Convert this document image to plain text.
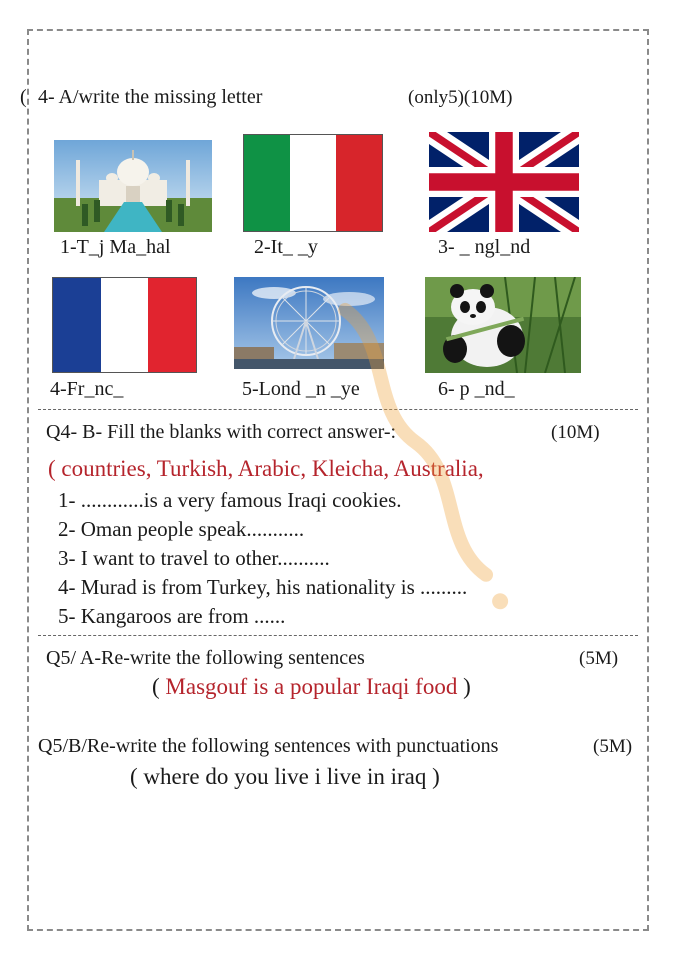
( 4- A/write the missing letter	(only5)(10M)
1-T_j Ma_hal	2-It_ _y	3- _ ngl_nd
4-Fr_nc_	5-Lond _n _ye	6- p _nd_
Q4- B- Fill the blanks with correct answer-:	(10M)
( countries, Turkish, Arabic, Kleicha, Australia,
1- ............is a very famous Iraqi cookies.
2- Oman people speak...........
3- I want to travel to other..........
4- Murad is from Turkey, his nationality is .........
5- Kangaroos are from ......
Q5/ A-Re-write the following sentences	(5M)
( Masgouf is a popular Iraqi food )
Q5/B/Re-write the following sentences with punctuations	(5M)
( where do you live i live in iraq )
